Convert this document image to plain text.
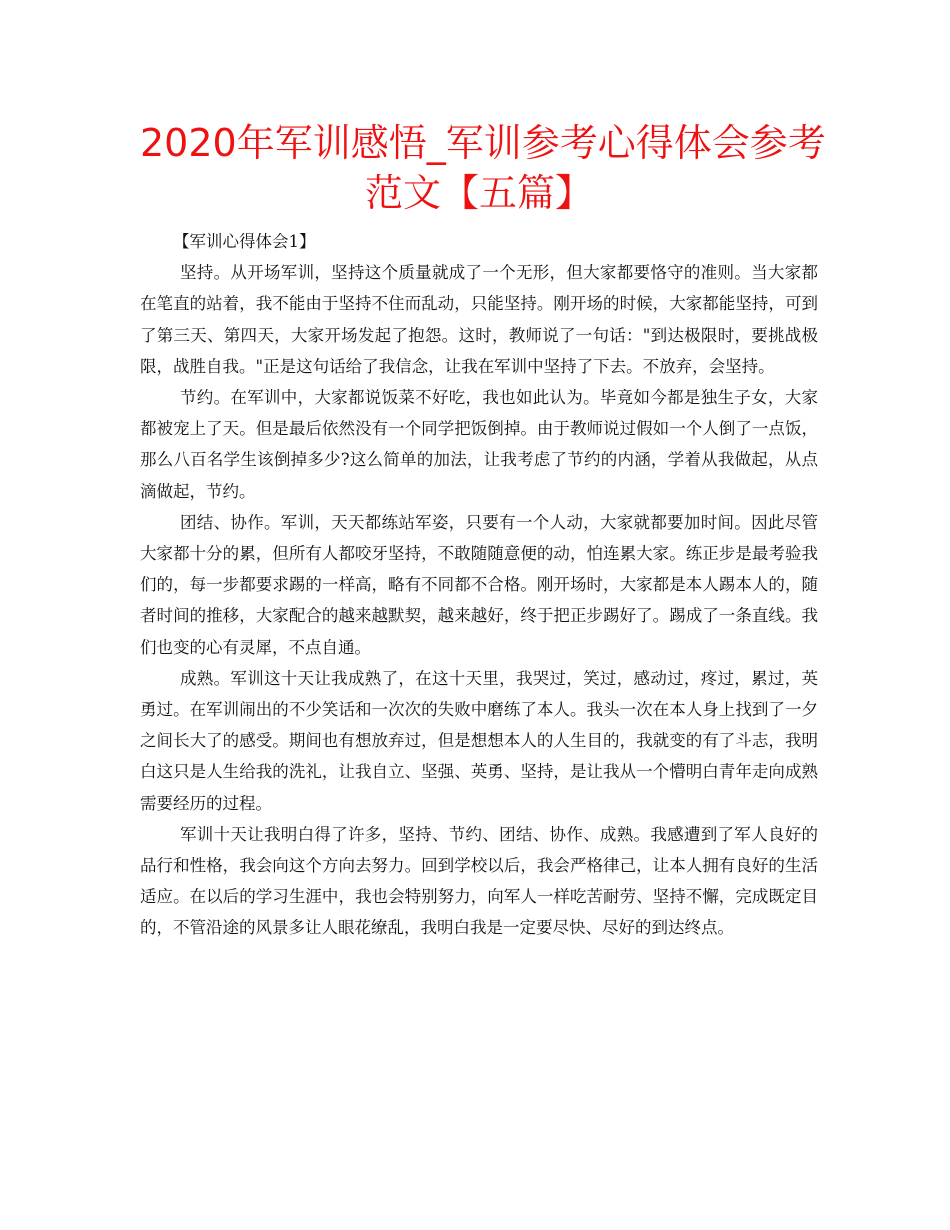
2020年军训感悟_军训参考心得体会参考
范文【五篇】

【军训心得体会1】

坚持。从开场军训，坚持这个质量就成了一个无形，但大家都要恪守的准则。当大家都在笔直的站着，我不能由于坚持不住而乱动，只能坚持。刚开场的时候，大家都能坚持，可到了第三天、第四天，大家开场发起了抱怨。这时，教师说了一句话："到达极限时，要挑战极限，战胜自我。"正是这句话给了我信念，让我在军训中坚持了下去。不放弃，会坚持。

节约。在军训中，大家都说饭菜不好吃，我也如此认为。毕竟如今都是独生子女，大家都被宠上了天。但是最后依然没有一个同学把饭倒掉。由于教师说过假如一个人倒了一点饭，那么八百名学生该倒掉多少?这么简单的加法，让我考虑了节约的内涵，学着从我做起，从点滴做起，节约。

团结、协作。军训，天天都练站军姿，只要有一个人动，大家就都要加时间。因此尽管大家都十分的累，但所有人都咬牙坚持，不敢随随意便的动，怕连累大家。练正步是最考验我们的，每一步都要求踢的一样高，略有不同都不合格。刚开场时，大家都是本人踢本人的，随者时间的推移，大家配合的越来越默契，越来越好，终于把正步踢好了。踢成了一条直线。我们也变的心有灵犀，不点自通。

成熟。军训这十天让我成熟了，在这十天里，我哭过，笑过，感动过，疼过，累过，英勇过。在军训闹出的不少笑话和一次次的失败中磨练了本人。我头一次在本人身上找到了一夕之间长大了的感受。期间也有想放弃过，但是想想本人的人生目的，我就变的有了斗志，我明白这只是人生给我的洗礼，让我自立、坚强、英勇、坚持，是让我从一个懵明白青年走向成熟需要经历的过程。

军训十天让我明白得了许多，坚持、节约、团结、协作、成熟。我感遭到了军人良好的品行和性格，我会向这个方向去努力。回到学校以后，我会严格律己，让本人拥有良好的生活适应。在以后的学习生涯中，我也会特别努力，向军人一样吃苦耐劳、坚持不懈，完成既定目的，不管沿途的风景多让人眼花缭乱，我明白我是一定要尽快、尽好的到达终点。
